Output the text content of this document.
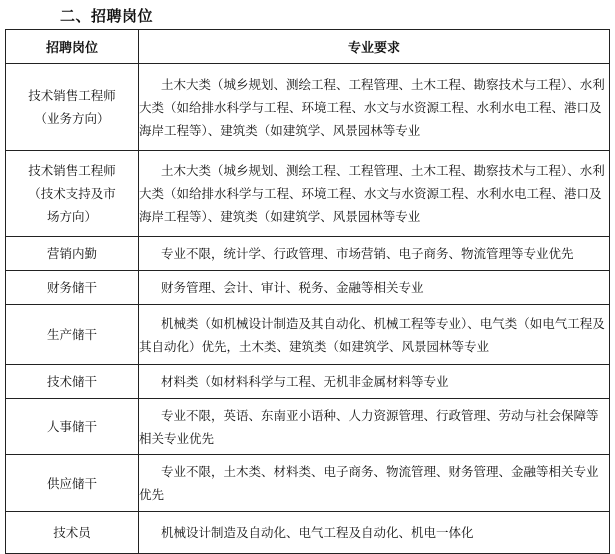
二、招聘岗位
招聘岗位	专业要求

技术销售工程师
（业务方向）	土木大类（城乡规划、测绘工程、工程管理、土木工程、勘察技术与工程）、水利大类（如给排水科学与工程、环境工程、水文与水资源工程、水利水电工程、港口及海岸工程等）、建筑类（如建筑学、风景园林等专业

技术销售工程师
（技术支持及市
场方向）	土木大类（城乡规划、测绘工程、工程管理、土木工程、勘察技术与工程）、水利大类（如给排水科学与工程、环境工程、水文与水资源工程、水利水电工程、港口及海岸工程等）、建筑类（如建筑学、风景园林等专业

营销内勤	专业不限，统计学、行政管理、市场营销、电子商务、物流管理等专业优先

财务储干	财务管理、会计、审计、税务、金融等相关专业

生产储干	机械类（如机械设计制造及其自动化、机械工程等专业）、电气类（如电气工程及其自动化）优先，土木类、建筑类（如建筑学、风景园林等专业

技术储干	材料类（如材料科学与工程、无机非金属材料等专业

人事储干	专业不限，英语、东南亚小语种、人力资源管理、行政管理、劳动与社会保障等相关专业优先

供应储干	专业不限，土木类、材料类、电子商务、物流管理、财务管理、金融等相关专业优先

技术员	机械设计制造及自动化、电气工程及自动化、机电一体化
